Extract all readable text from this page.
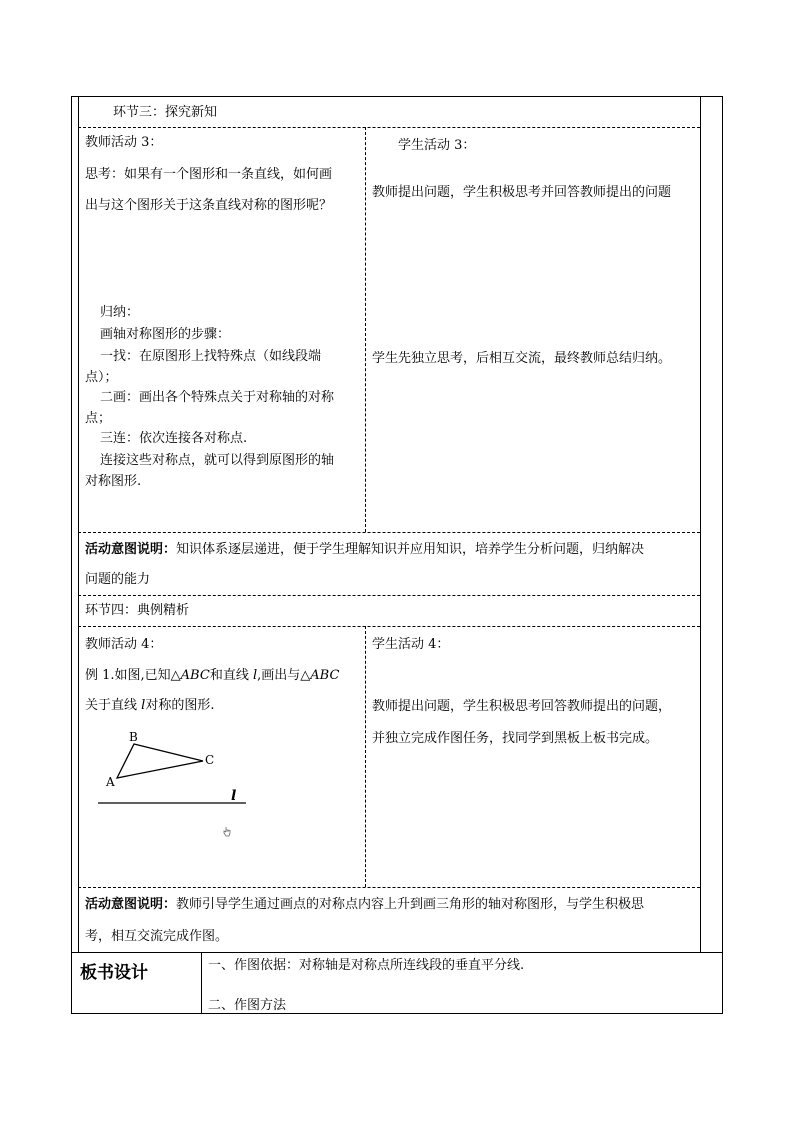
环节三：探究新知
教师活动 3：
思考：如果有一个图形和一条直线，如何画
出与这个图形关于这条直线对称的图形呢？
归纳：
画轴对称图形的步骤：
一找：在原图形上找特殊点（如线段端
点）；
二画：画出各个特殊点关于对称轴的对称
点；
三连：依次连接各对称点.
连接这些对称点，就可以得到原图形的轴
对称图形.
学生活动 3：
教师提出问题，学生积极思考并回答教师提出的问题
学生先独立思考，后相互交流，最终教师总结归纳。
活动意图说明：知识体系逐层递进，便于学生理解知识并应用知识，培养学生分析问题，归纳解决
问题的能力
环节四：典例精析
教师活动 4：
例 1.如图,已知△ABC和直线 l,画出与△ABC
关于直线 l对称的图形.
A
B
C
l
学生活动 4：
教师提出问题，学生积极思考回答教师提出的问题，
并独立完成作图任务，找同学到黑板上板书完成。
活动意图说明：教师引导学生通过画点的对称点内容上升到画三角形的轴对称图形，与学生积极思
考，相互交流完成作图。
板书设计	一、作图依据：对称轴是对称点所连线段的垂直平分线.
二、作图方法
